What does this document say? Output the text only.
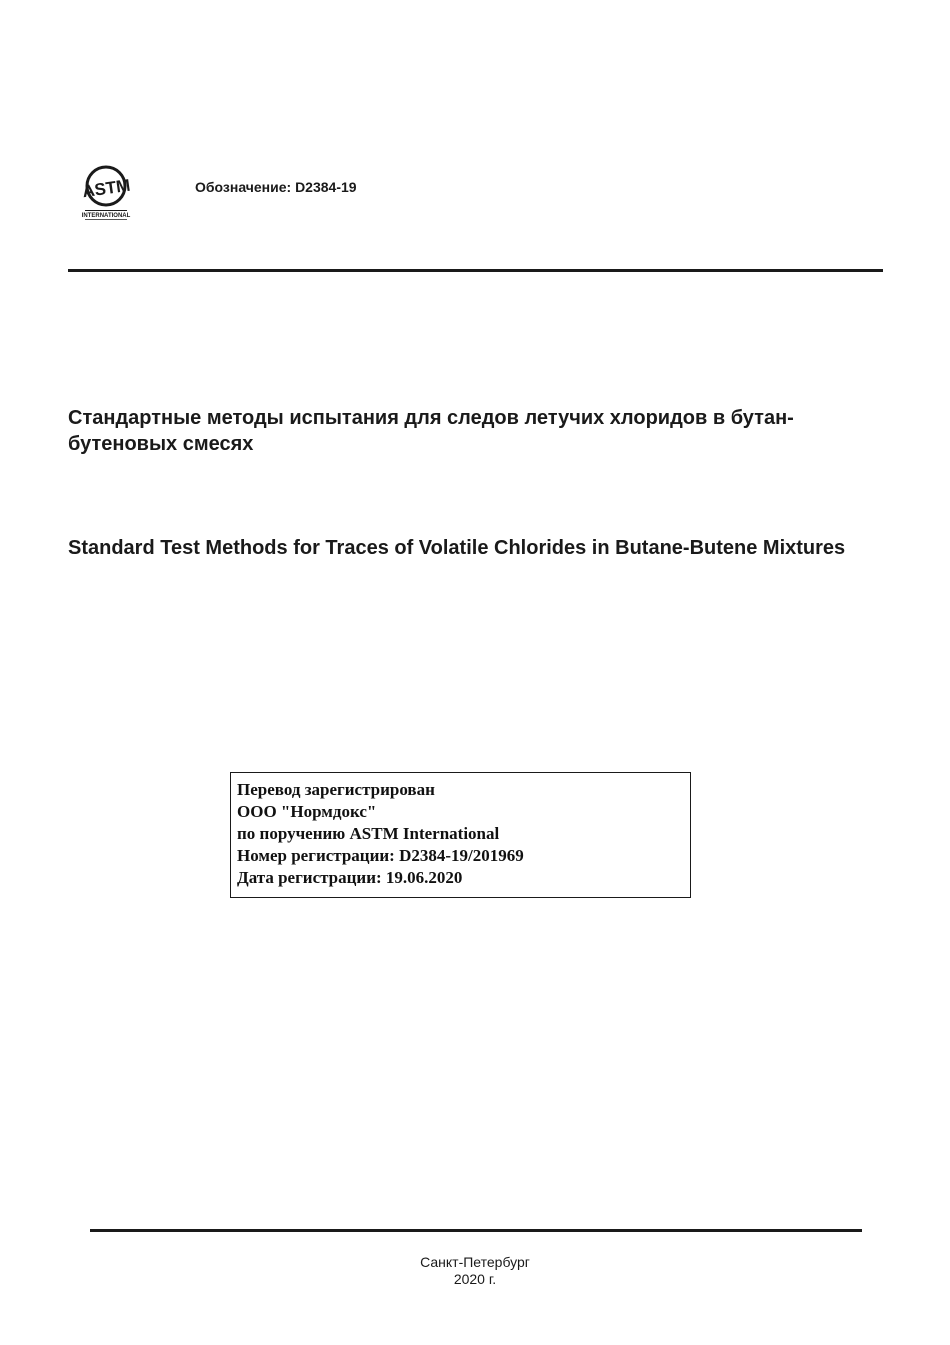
ASTM
INTERNATIONAL
Обозначение: D2384-19
Стандартные методы испытания для следов летучих хлоридов в бутан-бутеновых смесях
Standard Test Methods for Traces of Volatile Chlorides in Butane-Butene Mixtures
Перевод зарегистрирован
ООО "Нормдокс"
по поручению ASTM International
Номер регистрации: D2384-19/201969
Дата регистрации: 19.06.2020
Санкт-Петербург
2020 г.
